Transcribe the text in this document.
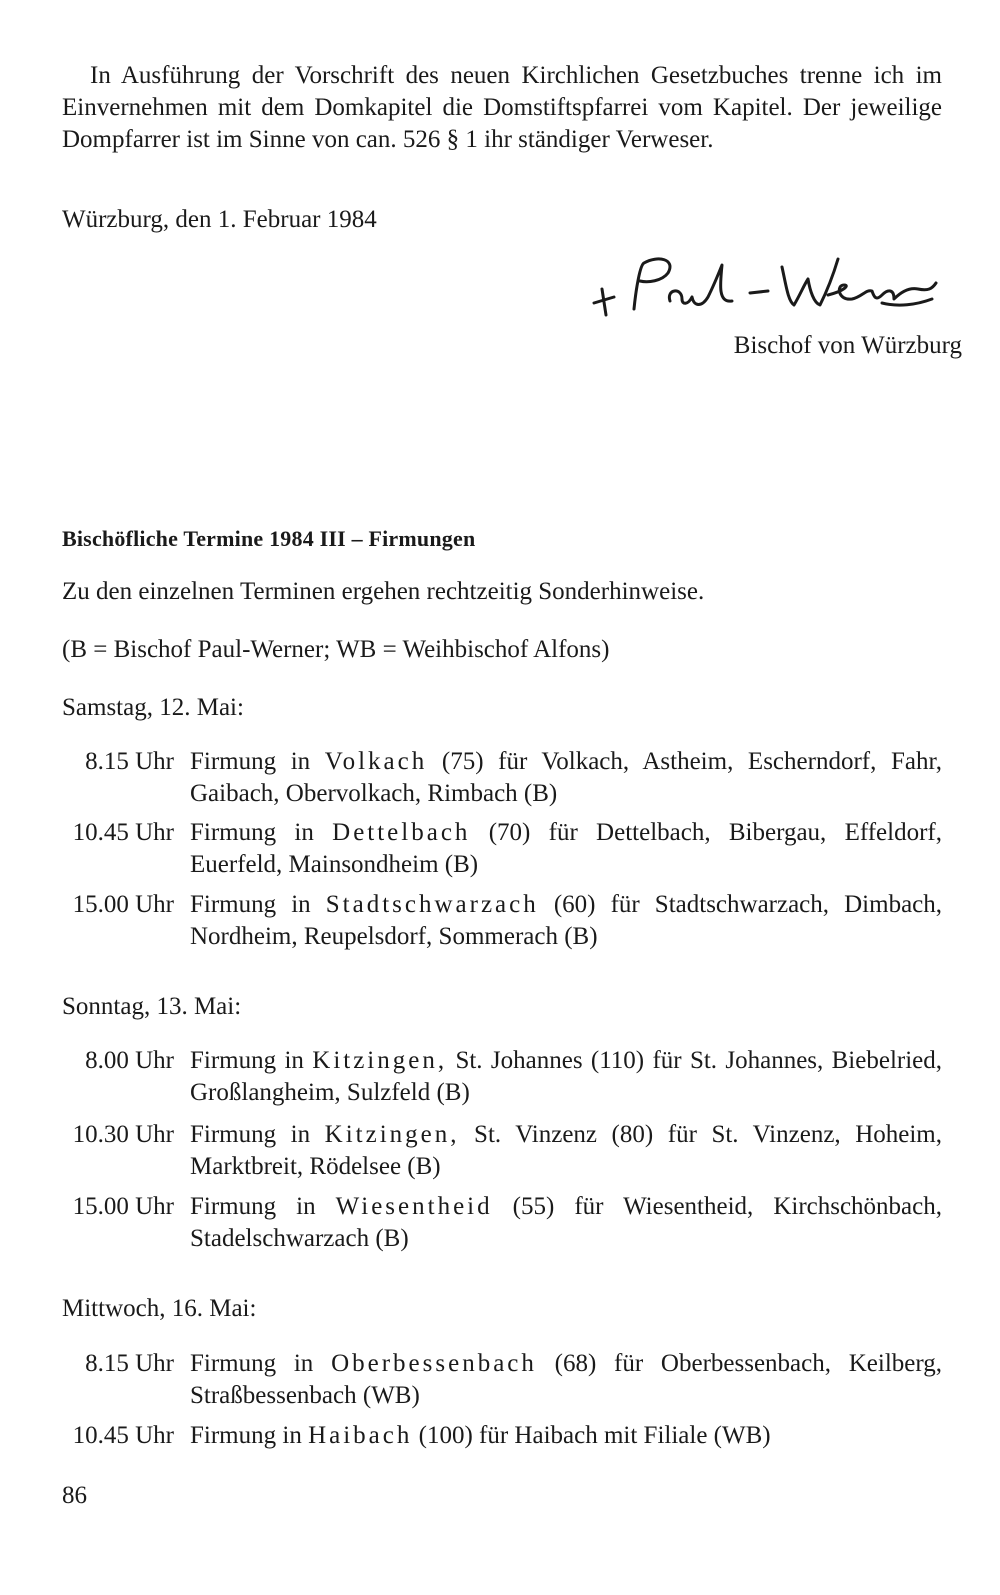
In Ausführung der Vorschrift des neuen Kirchlichen Gesetzbuches trenne ich im Einvernehmen mit dem Domkapitel die Domstiftspfarrei vom Kapitel. Der jeweilige Dompfarrer ist im Sinne von can. 526 § 1 ihr ständiger Verweser.

Würzburg, den 1. Februar 1984

Bischof von Würzburg

Bischöfliche Termine 1984 III – Firmungen

Zu den einzelnen Terminen ergehen rechtzeitig Sonderhinweise.

(B = Bischof Paul-Werner; WB = Weihbischof Alfons)

Samstag, 12. Mai:

8.15 Uhr Firmung in Volkach (75) für Volkach, Astheim, Escherndorf, Fahr, Gaibach, Obervolkach, Rimbach (B)

10.45 Uhr Firmung in Dettelbach (70) für Dettelbach, Bibergau, Effeldorf, Euerfeld, Mainsondheim (B)

15.00 Uhr Firmung in Stadtschwarzach (60) für Stadtschwarzach, Dimbach, Nordheim, Reupelsdorf, Sommerach (B)

Sonntag, 13. Mai:

8.00 Uhr Firmung in Kitzingen, St. Johannes (110) für St. Johannes, Biebelried, Großlangheim, Sulzfeld (B)

10.30 Uhr Firmung in Kitzingen, St. Vinzenz (80) für St. Vinzenz, Hoheim, Marktbreit, Rödelsee (B)

15.00 Uhr Firmung in Wiesentheid (55) für Wiesentheid, Kirchschönbach, Stadelschwarzach (B)

Mittwoch, 16. Mai:

8.15 Uhr Firmung in Oberbessenbach (68) für Oberbessenbach, Keilberg, Straßbessenbach (WB)

10.45 Uhr Firmung in Haibach (100) für Haibach mit Filiale (WB)

86
